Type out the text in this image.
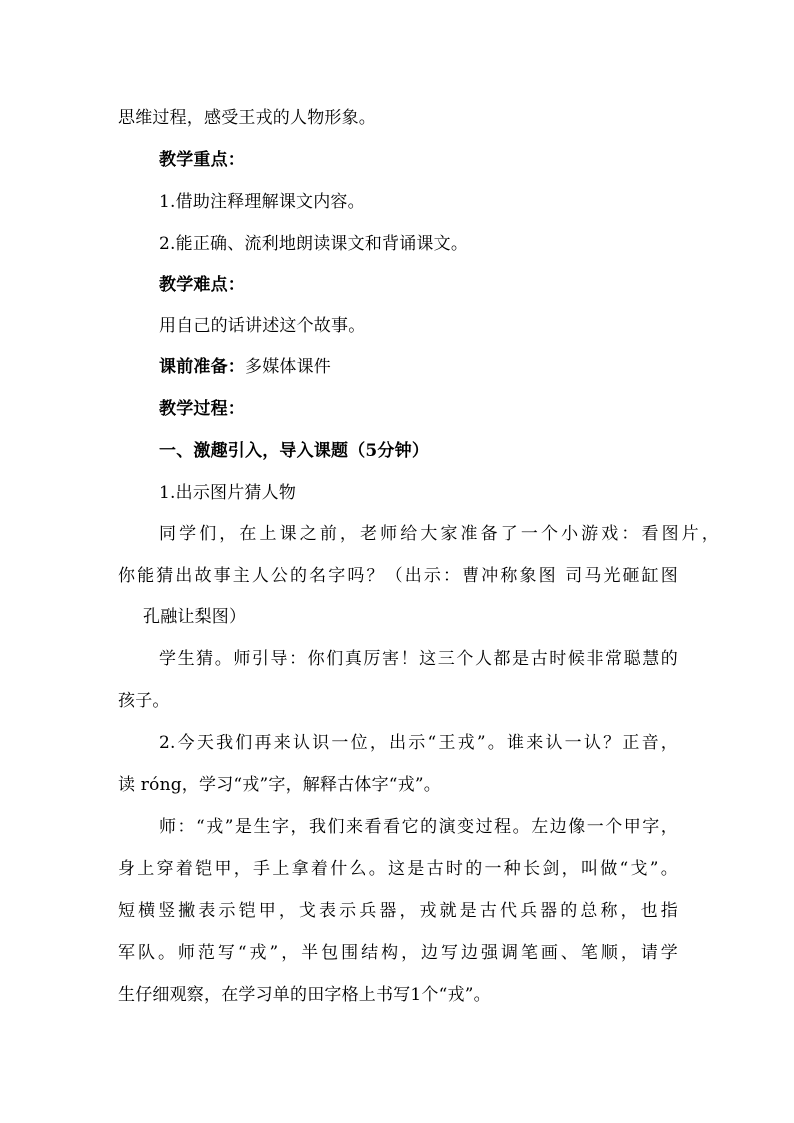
思维过程，感受王戎的人物形象。
教学重点：
1.借助注释理解课文内容。
2.能正确、流利地朗读课文和背诵课文。
教学难点：
用自己的话讲述这个故事。
课前准备：多媒体课件
教学过程：
一、激趣引入，导入课题（5分钟）
1.出示图片猜人物
同学们，在上课之前，老师给大家准备了一个小游戏：看图片，
你能猜出故事主人公的名字吗？（出示：曹冲称象图 司马光砸缸图
孔融让梨图）
学生猜。师引导：你们真厉害！这三个人都是古时候非常聪慧的
孩子。
2.今天我们再来认识一位，出示“王戎”。谁来认一认？正音，
读 róng，学习“戎”字，解释古体字“戎”。
师：“戎”是生字，我们来看看它的演变过程。左边像一个甲字，
身上穿着铠甲，手上拿着什么。这是古时的一种长剑，叫做“戈”。
短横竖撇表示铠甲，戈表示兵器，戎就是古代兵器的总称，也指
军队。师范写“戎”，半包围结构，边写边强调笔画、笔顺，请学
生仔细观察，在学习单的田字格上书写1个“戎”。
